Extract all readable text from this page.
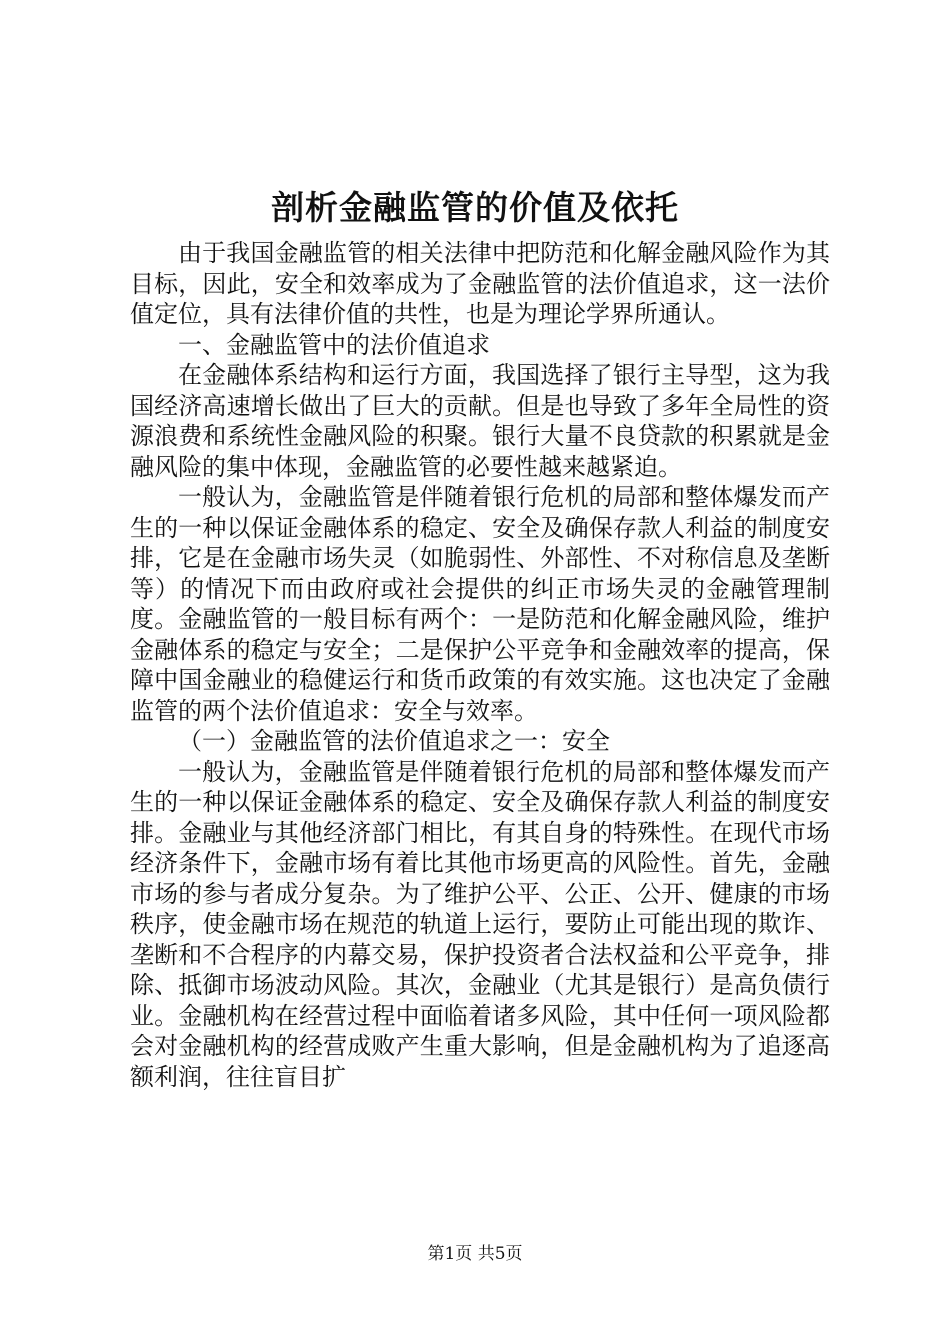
剖析金融监管的价值及依托

由于我国金融监管的相关法律中把防范和化解金融风险作为其目标，因此，安全和效率成为了金融监管的法价值追求，这一法价值定位，具有法律价值的共性，也是为理论学界所通认。

一、金融监管中的法价值追求

在金融体系结构和运行方面，我国选择了银行主导型，这为我国经济高速增长做出了巨大的贡献。但是也导致了多年全局性的资源浪费和系统性金融风险的积聚。银行大量不良贷款的积累就是金融风险的集中体现，金融监管的必要性越来越紧迫。

一般认为，金融监管是伴随着银行危机的局部和整体爆发而产生的一种以保证金融体系的稳定、安全及确保存款人利益的制度安排，它是在金融市场失灵（如脆弱性、外部性、不对称信息及垄断等）的情况下而由政府或社会提供的纠正市场失灵的金融管理制度。金融监管的一般目标有两个：一是防范和化解金融风险，维护金融体系的稳定与安全；二是保护公平竞争和金融效率的提高，保障中国金融业的稳健运行和货币政策的有效实施。这也决定了金融监管的两个法价值追求：安全与效率。

（一）金融监管的法价值追求之一：安全

一般认为，金融监管是伴随着银行危机的局部和整体爆发而产生的一种以保证金融体系的稳定、安全及确保存款人利益的制度安排。金融业与其他经济部门相比，有其自身的特殊性。在现代市场经济条件下，金融市场有着比其他市场更高的风险性。首先，金融市场的参与者成分复杂。为了维护公平、公正、公开、健康的市场秩序，使金融市场在规范的轨道上运行，要防止可能出现的欺诈、垄断和不合程序的内幕交易，保护投资者合法权益和公平竞争，排除、抵御市场波动风险。其次，金融业（尤其是银行）是高负债行业。金融机构在经营过程中面临着诸多风险，其中任何一项风险都会对金融机构的经营成败产生重大影响，但是金融机构为了追逐高额利润，往往盲目扩

第1页 共5页
